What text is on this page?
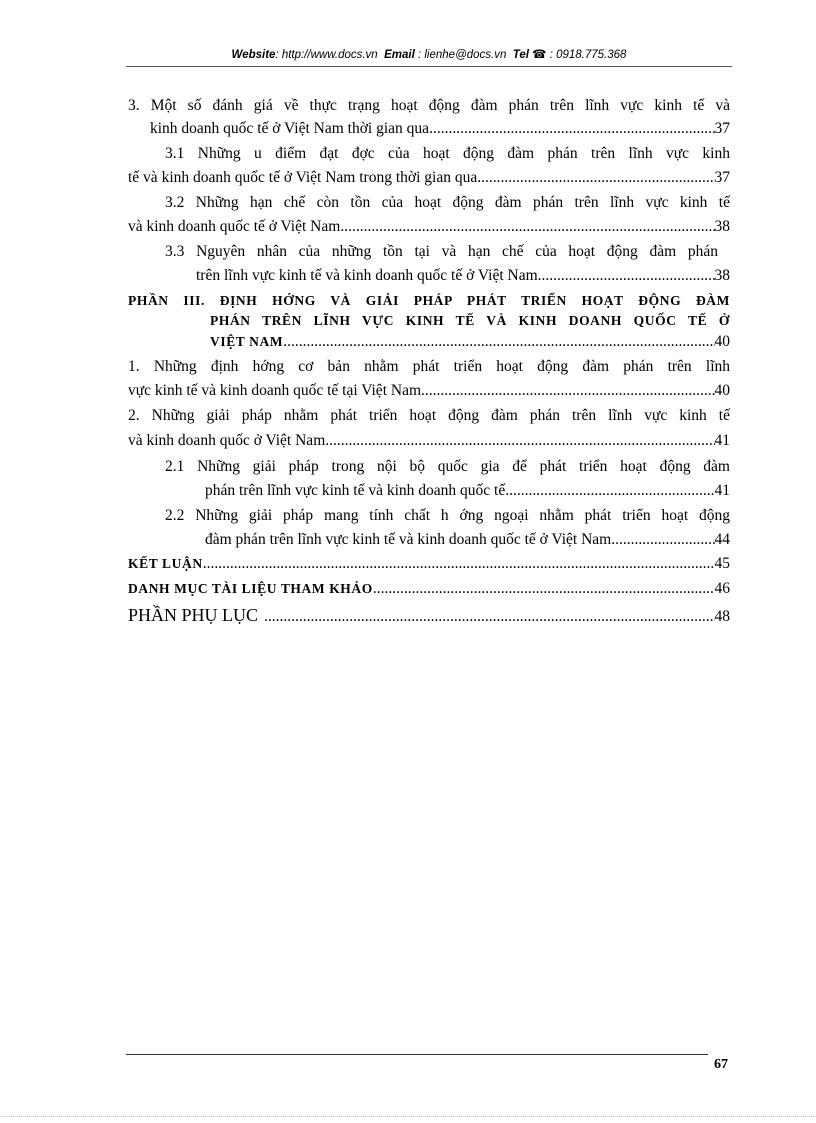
Website: http://www.docs.vn Email : lienhe@docs.vn Tel ☎ : 0918.775.368
3. Một số đánh giá về thực trạng hoạt động đàm phán trên lĩnh vực kinh tế và
kinh doanh quốc tế ở Việt Nam thời gian qua .....	37
3.1 Những u điểm đạt đợc của hoạt động đàm phán trên lĩnh vực kinh
tế và kinh doanh quốc tế ở Việt Nam trong thời gian qua .....	37
3.2 Những hạn chế còn tồn của hoạt động đàm phán trên lĩnh vực kinh tế
và kinh doanh quốc tế ở Việt Nam .....	38
3.3 Nguyên nhân của những tồn tại và hạn chế của hoạt động đàm phán
trên lĩnh vực kinh tế và kinh doanh quốc tế ở Việt Nam .....	38
PHẦN III. ĐỊNH HỚNG VÀ GIẢI PHÁP PHÁT TRIỂN HOẠT ĐỘNG ĐÀM
PHÁN TRÊN LĨNH VỰC KINH TẾ VÀ KINH DOANH QUỐC TẾ Ở
VIỆT NAM .....	40
1. Những định hớng cơ bản nhằm phát triển hoạt động đàm phán trên lĩnh
vực kinh tế và kinh doanh quốc tế tại Việt Nam .....	40
2. Những giải pháp nhằm phát triển hoạt động đàm phán trên lĩnh vực kinh tế
và kinh doanh quốc ở Việt Nam .....	41
2.1 Những giải pháp trong nội bộ quốc gia để phát triển hoạt động đàm
phán trên lĩnh vực kinh tế và kinh doanh quốc tế .....	41
2.2 Những giải pháp mang tính chất h ớng ngoại nhằm phát triển hoạt động
đàm phán trên lĩnh vực kinh tế và kinh doanh quốc tế ở Việt Nam .....	44
KẾT LUẬN .....	45
DANH MỤC TÀI LIỆU THAM KHẢO .....	46
PHẦN PHỤ LỤC .....	48
67
